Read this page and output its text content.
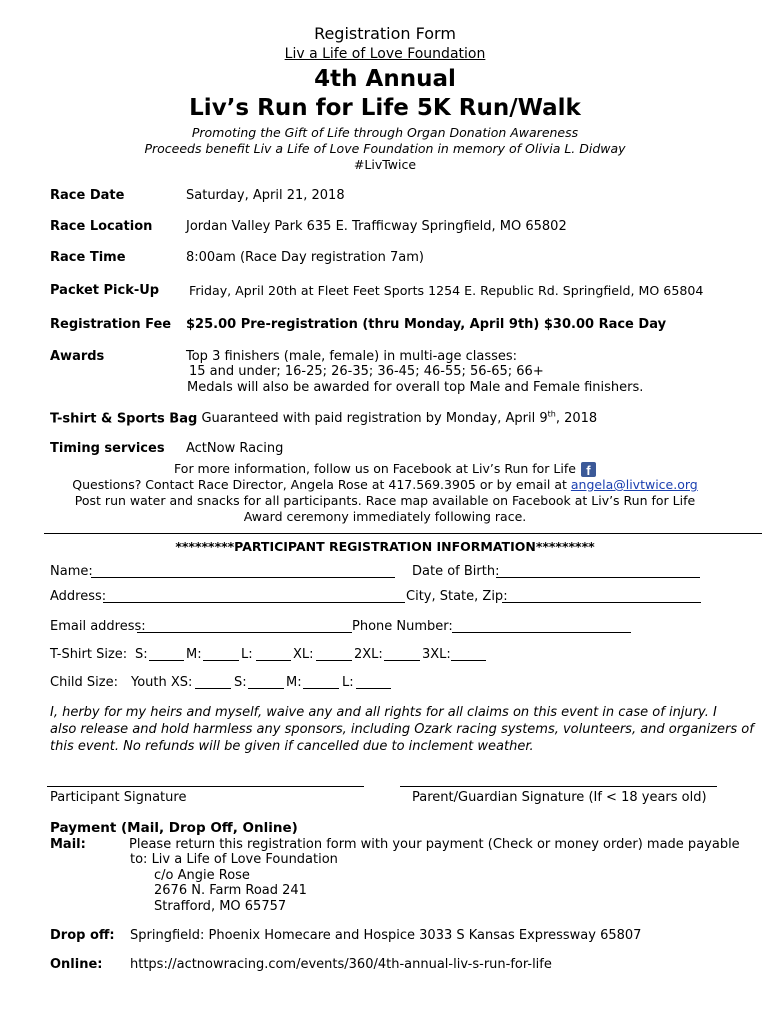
Registration Form
Liv a Life of Love Foundation
4th Annual
Liv’s Run for Life 5K Run/Walk
Promoting the Gift of Life through Organ Donation Awareness
Proceeds benefit Liv a Life of Love Foundation in memory of Olivia L. Didway
#LivTwice
Race Date	Saturday, April 21, 2018
Race Location	Jordan Valley Park 635 E. Trafficway Springfield, MO 65802
Race Time	8:00am (Race Day registration 7am)
Packet Pick-Up Friday, April 20th at Fleet Feet Sports 1254 E. Republic Rd. Springfield, MO 65804
Registration Fee $25.00 Pre-registration (thru Monday, April 9th) $30.00 Race Day
Awards	Top 3 finishers (male, female) in multi-age classes:
15 and under; 16-25; 26-35; 36-45; 46-55; 56-65; 66+
Medals will also be awarded for overall top Male and Female finishers.
T-shirt & Sports Bag Guaranteed with paid registration by Monday, April 9th, 2018
Timing services ActNow Racing
For more information, follow us on Facebook at Liv’s Run for Life f
Questions? Contact Race Director, Angela Rose at 417.569.3905 or by email at angela@livtwice.org
Post run water and snacks for all participants. Race map available on Facebook at Liv’s Run for Life
Award ceremony immediately following race.
*********PARTICIPANT REGISTRATION INFORMATION*********
Name:	Date of Birth:
Address:	City, State, Zip:
Email address:	Phone Number:
T-Shirt Size: S:	M:	L:	XL:	2XL:	3XL:
Child Size: Youth XS:	S:	M:	L:
I, herby for my heirs and myself, waive any and all rights for all claims on this event in case of injury. I
also release and hold harmless any sponsors, including Ozark racing systems, volunteers, and organizers of
this event. No refunds will be given if cancelled due to inclement weather.
Participant Signature	Parent/Guardian Signature (If < 18 years old)
Payment (Mail, Drop Off, Online)
Mail:	Please return this registration form with your payment (Check or money order) made payable
to: Liv a Life of Love Foundation
c/o Angie Rose
2676 N. Farm Road 241
Strafford, MO 65757
Drop off: Springfield: Phoenix Homecare and Hospice 3033 S Kansas Expressway 65807
Online: https://actnowracing.com/events/360/4th-annual-liv-s-run-for-life
